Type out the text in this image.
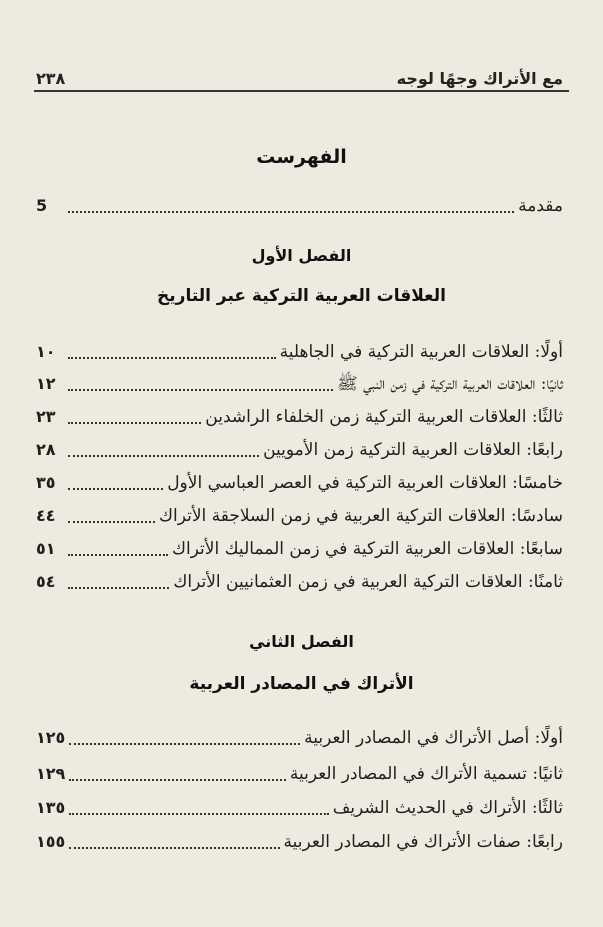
٢٣٨	مع الأتراك وجهًا لوجه
الفهرست
مقدمة
5
الفصل الأول
العلاقات العربية التركية عبر التاريخ
أولًا: العلاقات العربية التركية في الجاهلية
١٠
ثانيًا: العلاقات العربية التركية في زمن النبي ﷺ
١٢
ثالثًا: العلاقات العربية التركية زمن الخلفاء الراشدين
٢٣
رابعًا: العلاقات العربية التركية زمن الأمويين
٢٨
خامسًا: العلاقات العربية التركية في العصر العباسي الأول
٣٥
سادسًا: العلاقات التركية العربية في زمن السلاجقة الأتراك
٤٤
سابعًا: العلاقات العربية التركية في زمن المماليك الأتراك
٥١
ثامنًا: العلاقات التركية العربية في زمن العثمانيين الأتراك
٥٤
الفصل الثاني
الأتراك في المصادر العربية
أولًا: أصل الأتراك في المصادر العربية
١٢٥
ثانيًا: تسمية الأتراك في المصادر العربية
١٢٩
ثالثًا: الأتراك في الحديث الشريف
١٣٥
رابعًا: صفات الأتراك في المصادر العربية
١٥٥
